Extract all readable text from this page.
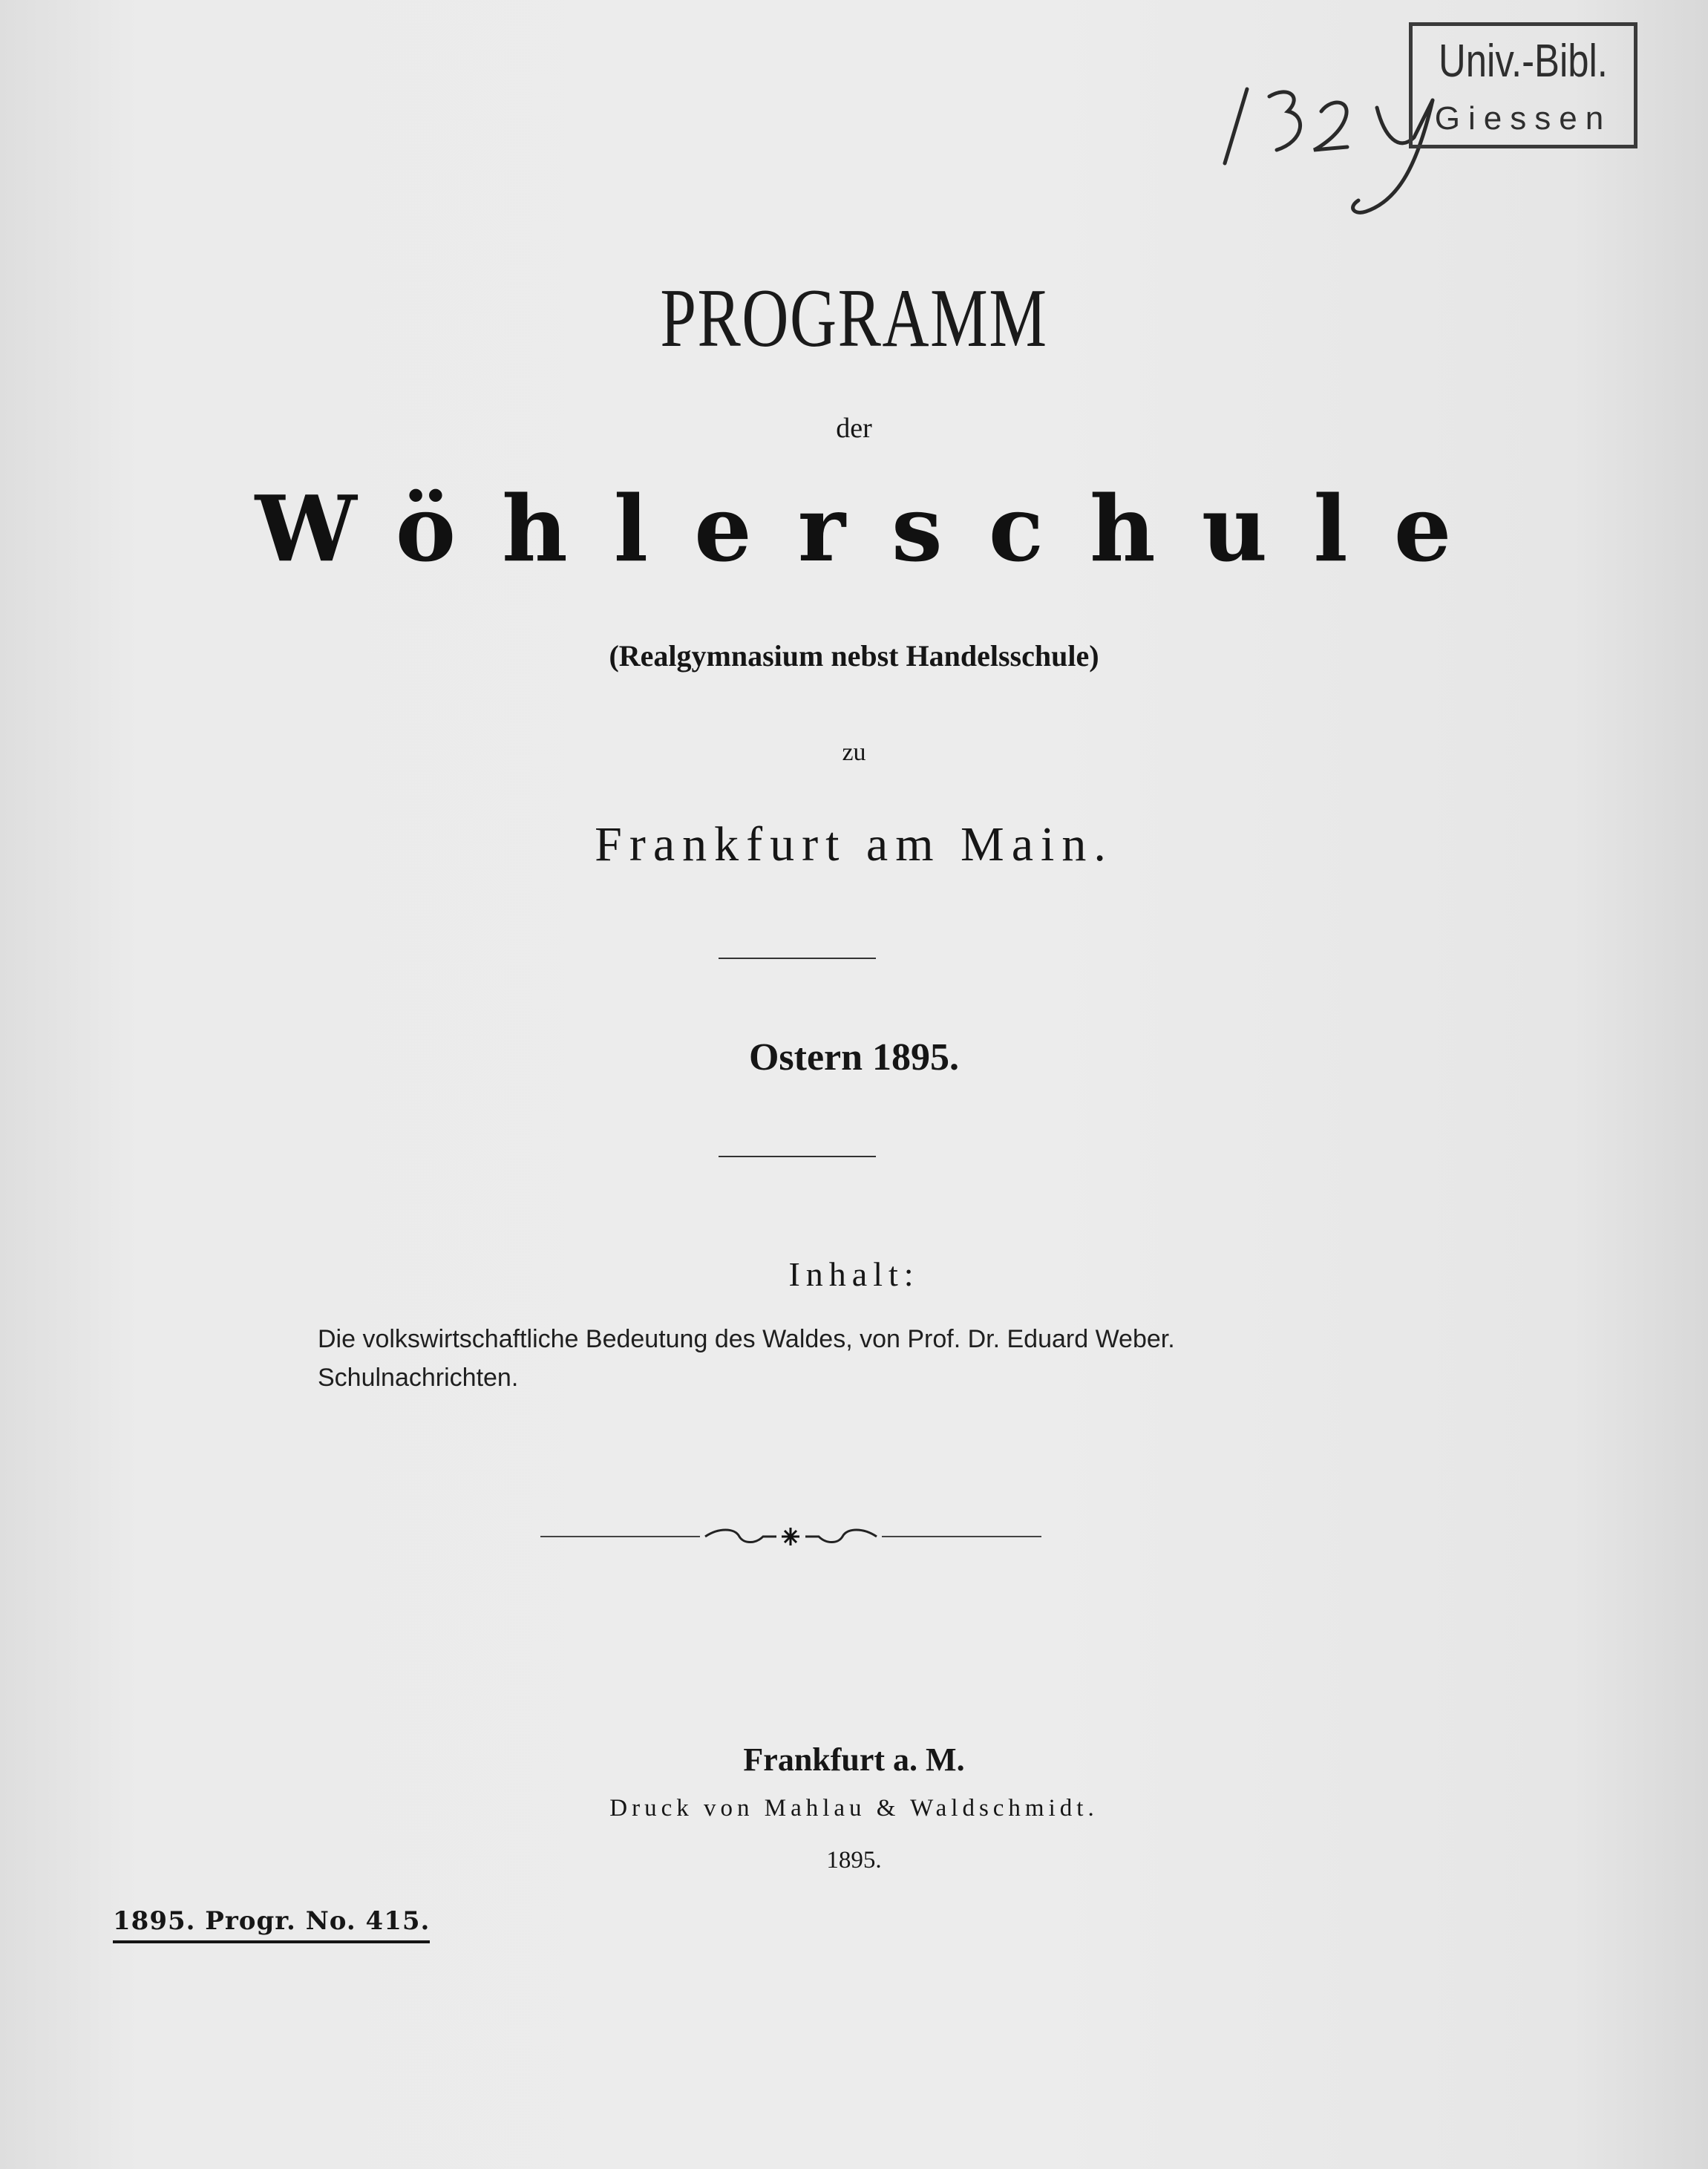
PROGRAMM
der
Wöhlerschule
(Realgymnasium nebst Handelsschule)
zu
Frankfurt am Main.
Ostern 1895.
Inhalt:
Die volkswirtschaftliche Bedeutung des Waldes, von Prof. Dr. Eduard Weber.
Schulnachrichten.
Frankfurt a. M.
Druck von Mahlau & Waldschmidt.
1895.
1895. Progr. No. 415.
Univ.-Bibl.
Giessen
